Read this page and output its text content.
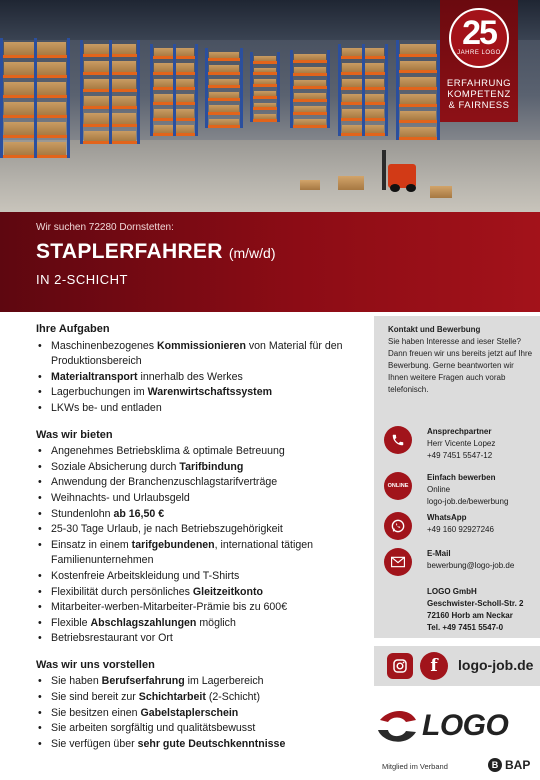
25
JAHRE LOGO
ERFAHRUNG
KOMPETENZ
& FAIRNESS
Wir suchen 72280 Dornstetten:
STAPLERFAHRER (m/w/d)
IN 2-SCHICHT
Ihre Aufgaben
• Maschinenbezogenes Kommissionieren von Material für den Produktionsbereich
• Materialtransport innerhalb des Werkes
• Lagerbuchungen im Warenwirtschaftssystem
• LKWs be- und entladen
Was wir bieten
• Angenehmes Betriebsklima & optimale Betreuung
• Soziale Absicherung durch Tarifbindung
• Anwendung der Branchenzuschlagstarifverträge
• Weihnachts- und Urlaubsgeld
• Stundenlohn ab 16,50 €
• 25-30 Tage Urlaub, je nach Betriebszugehörigkeit
• Einsatz in einem tarifgebundenen, international tätigen Familienunternehmen
• Kostenfreie Arbeitskleidung und T-Shirts
• Flexibilität durch persönliches Gleitzeitkonto
• Mitarbeiter-werben-Mitarbeiter-Prämie bis zu 600€
• Flexible Abschlagszahlungen möglich
• Betriebsrestaurant vor Ort
Was wir uns vorstellen
• Sie haben Berufserfahrung im Lagerbereich
• Sie sind bereit zur Schichtarbeit (2-Schicht)
• Sie besitzen einen Gabelstaplerschein
• Sie arbeiten sorgfältig und qualitätsbewusst
• Sie verfügen über sehr gute Deutschkenntnisse
Kontakt und Bewerbung
Sie haben Interesse and ieser Stelle? Dann freuen wir uns bereits jetzt auf Ihre Bewerbung. Gerne beantworten wir Ihnen weitere Fragen auch vorab telefonisch.
Ansprechpartner
Herr Vicente Lopez
+49 7451 5547-12
ONLINE
Einfach bewerben
Online
logo-job.de/bewerbung
WhatsApp
+49 160 92927246
E-Mail
bewerbung@logo-job.de
LOGO GmbH
Geschwister-Scholl-Str. 2
72160 Horb am Neckar
Tel. +49 7451 5547-0
f	logo-job.de
LOGO
Mitglied im Verband	B BAP
